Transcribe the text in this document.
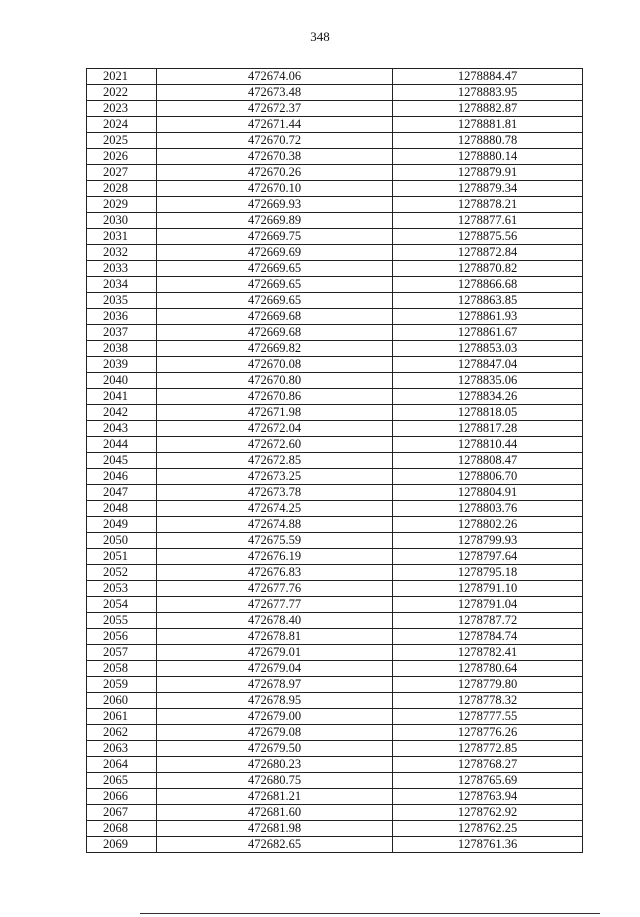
348
2021	472674.06	1278884.47
2022	472673.48	1278883.95
2023	472672.37	1278882.87
2024	472671.44	1278881.81
2025	472670.72	1278880.78
2026	472670.38	1278880.14
2027	472670.26	1278879.91
2028	472670.10	1278879.34
2029	472669.93	1278878.21
2030	472669.89	1278877.61
2031	472669.75	1278875.56
2032	472669.69	1278872.84
2033	472669.65	1278870.82
2034	472669.65	1278866.68
2035	472669.65	1278863.85
2036	472669.68	1278861.93
2037	472669.68	1278861.67
2038	472669.82	1278853.03
2039	472670.08	1278847.04
2040	472670.80	1278835.06
2041	472670.86	1278834.26
2042	472671.98	1278818.05
2043	472672.04	1278817.28
2044	472672.60	1278810.44
2045	472672.85	1278808.47
2046	472673.25	1278806.70
2047	472673.78	1278804.91
2048	472674.25	1278803.76
2049	472674.88	1278802.26
2050	472675.59	1278799.93
2051	472676.19	1278797.64
2052	472676.83	1278795.18
2053	472677.76	1278791.10
2054	472677.77	1278791.04
2055	472678.40	1278787.72
2056	472678.81	1278784.74
2057	472679.01	1278782.41
2058	472679.04	1278780.64
2059	472678.97	1278779.80
2060	472678.95	1278778.32
2061	472679.00	1278777.55
2062	472679.08	1278776.26
2063	472679.50	1278772.85
2064	472680.23	1278768.27
2065	472680.75	1278765.69
2066	472681.21	1278763.94
2067	472681.60	1278762.92
2068	472681.98	1278762.25
2069	472682.65	1278761.36
